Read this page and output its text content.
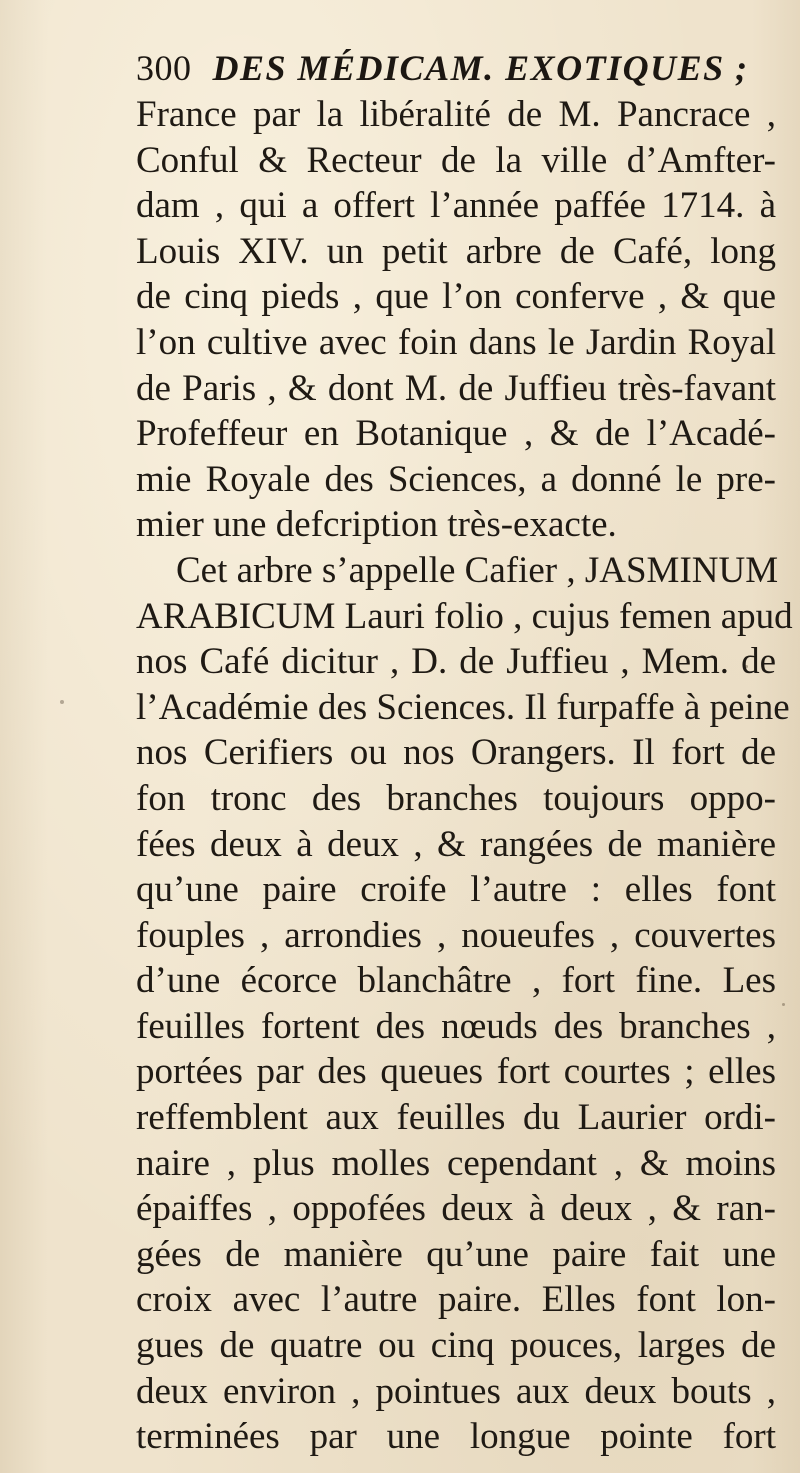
300 DES MÉDICAM. EXOTIQUES ;
France par la libéralité de M. Pancrace ,
Conful & Recteur de la ville d’Amfter-
dam , qui a offert l’année paffée 1714. à
Louis XIV. un petit arbre de Café, long
de cinq pieds , que l’on conferve , & que
l’on cultive avec foin dans le Jardin Royal
de Paris , & dont M. de Juffieu très-favant
Profeffeur en Botanique , & de l’Acadé-
mie Royale des Sciences, a donné le pre-
mier une defcription très-exacte.
Cet arbre s’appelle Cafier , JASMINUM
ARABICUM Lauri folio , cujus femen apud
nos Café dicitur , D. de Juffieu , Mem. de
l’Académie des Sciences. Il furpaffe à peine
nos Cerifiers ou nos Orangers. Il fort de
fon tronc des branches toujours oppo-
fées deux à deux , & rangées de manière
qu’une paire croife l’autre : elles font
fouples , arrondies , noueufes , couvertes
d’une écorce blanchâtre , fort fine. Les
feuilles fortent des nœuds des branches ,
portées par des queues fort courtes ; elles
reffemblent aux feuilles du Laurier ordi-
naire , plus molles cependant , & moins
épaiffes , oppofées deux à deux , & ran-
gées de manière qu’une paire fait une
croix avec l’autre paire. Elles font lon-
gues de quatre ou cinq pouces, larges de
deux environ , pointues aux deux bouts ,
terminées par une longue pointe fort
